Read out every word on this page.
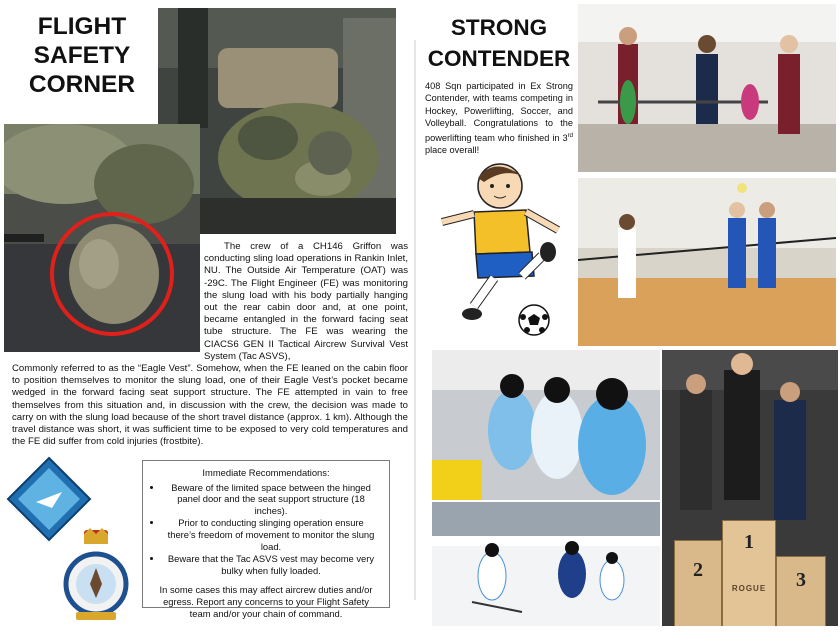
FLIGHT
SAFETY
CORNER
The crew of a CH146 Griffon was conducting sling load operations in Rankin Inlet, NU. The Outside Air Temperature (OAT) was -29C. The Flight Engineer (FE) was monitoring the slung load with his body partially hanging out the rear cabin door and, at one point, became entangled in the forward facing seat tube structure. The FE was wearing the CIACS6 GEN II Tactical Aircrew Survival Vest System (Tac ASVS),
Commonly referred to as the “Eagle Vest”. Somehow, when the FE leaned on the cabin floor to position themselves to monitor the slung load, one of their Eagle Vest’s pocket became wedged in the forward facing seat support structure. The FE attempted in vain to free themselves from this situation and, in discussion with the crew, the decision was made to carry on with the slung load because of the short travel distance (approx. 1 km). Although the travel distance was short, it was sufficient time to be exposed to very cold temperatures and the FE did suffer from cold injuries (frostbite).
Immediate Recommendations:
• Beware of the limited space between the hinged panel door and the seat support structure (18 inches).
• Prior to conducting slinging operation ensure there’s freedom of movement to monitor the slung load.
• Beware that the Tac ASVS vest may become very bulky when fully loaded.
In some cases this may affect aircrew duties and/or egress. Report any concerns to your Flight Safety team and/or your chain of command.
STRONG
CONTENDER
408 Sqn participated in Ex Strong Contender, with teams competing in Hockey, Powerlifting, Soccer, and Volleyball. Congratulations to the powerlifting team who finished in 3rd place overall!
2
1
ROGUE	3
